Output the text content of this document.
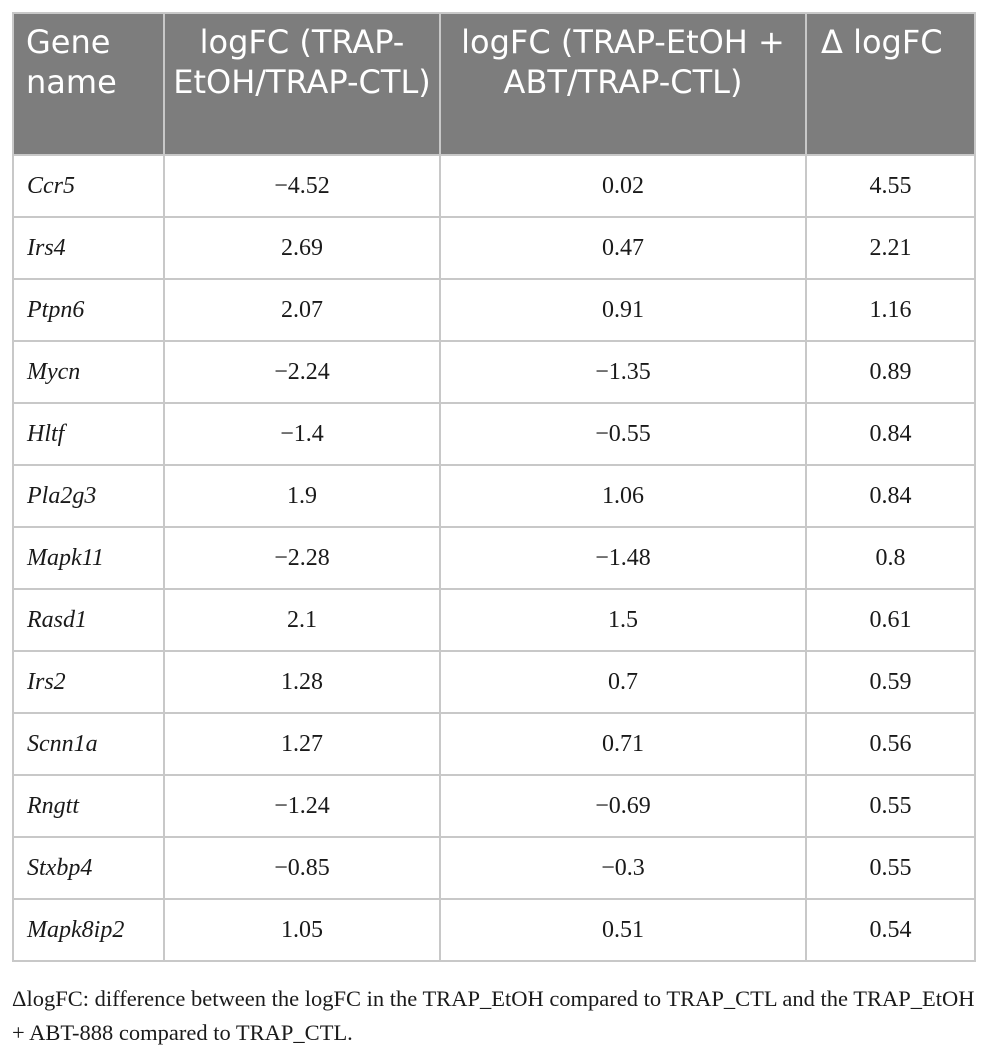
Gene name	logFC (TRAP-EtOH/TRAP-CTL)	logFC (TRAP-EtOH + ABT/TRAP-CTL)	Δ logFC
Ccr5	−4.52	0.02	4.55
Irs4	2.69	0.47	2.21
Ptpn6	2.07	0.91	1.16
Mycn	−2.24	−1.35	0.89
Hltf	−1.4	−0.55	0.84
Pla2g3	1.9	1.06	0.84
Mapk11	−2.28	−1.48	0.8
Rasd1	2.1	1.5	0.61
Irs2	1.28	0.7	0.59
Scnn1a	1.27	0.71	0.56
Rngtt	−1.24	−0.69	0.55
Stxbp4	−0.85	−0.3	0.55
Mapk8ip2	1.05	0.51	0.54
ΔlogFC: difference between the logFC in the TRAP_EtOH compared to TRAP_CTL and the TRAP_EtOH + ABT-888 compared to TRAP_CTL.
